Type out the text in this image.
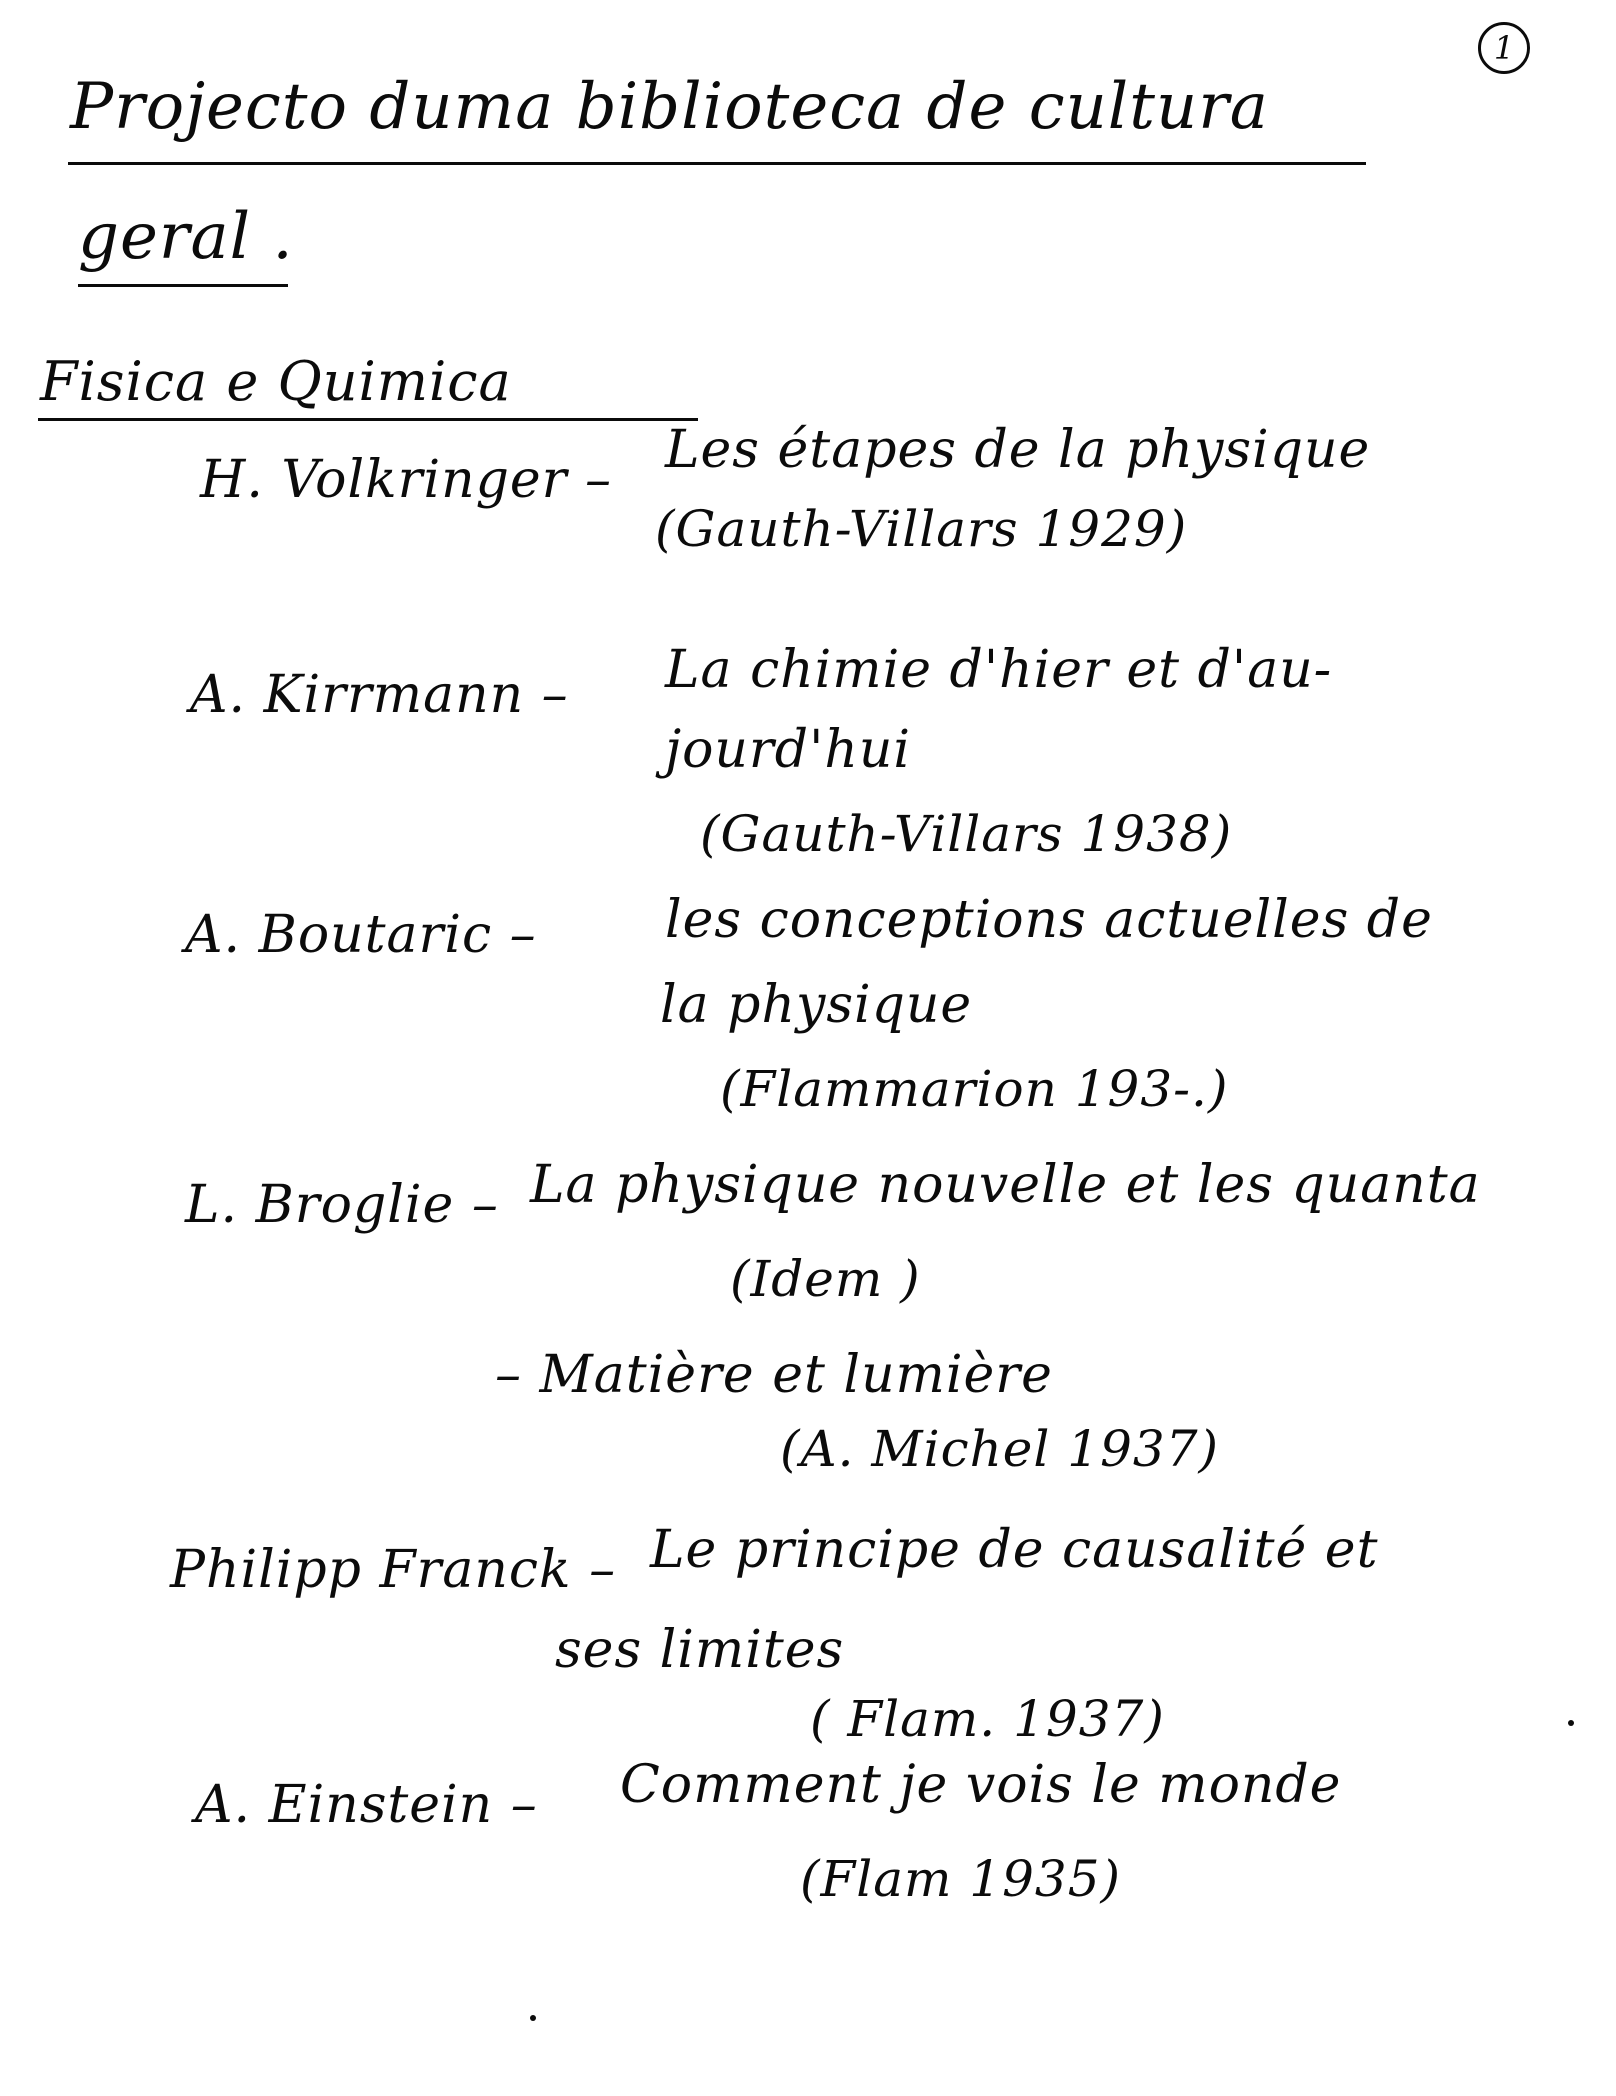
1
Projecto duma biblioteca de cultura
geral .
Fisica e Quimica
H. Volkringer – Les étapes de la physique
(Gauth-Villars 1929)
A. Kirrmann – La chimie d'hier et d'au-
jourd'hui
(Gauth-Villars 1938)
A. Boutaric – les conceptions actuelles de
la physique
(Flammarion 193-.)
L. Broglie – La physique nouvelle et les quanta
(Idem )
– Matière et lumière
(A. Michel 1937)
Philipp Franck – Le principe de causalité et
ses limites
( Flam. 1937)
A. Einstein – Comment je vois le monde
(Flam 1935)
